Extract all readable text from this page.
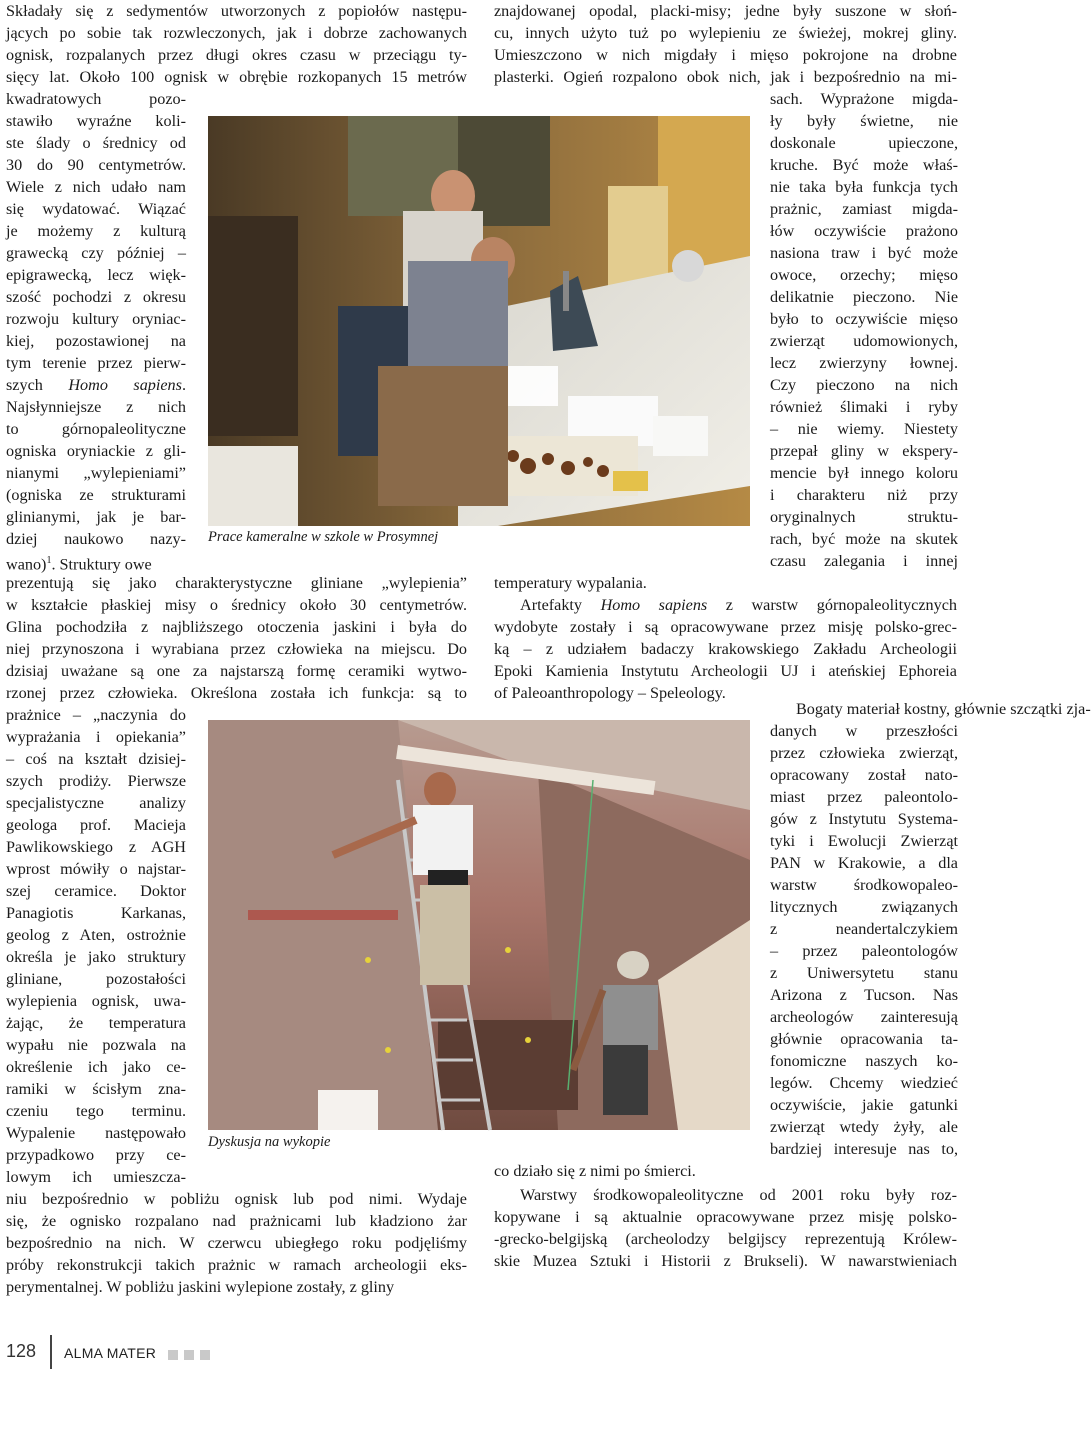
Składały się z sedymentów utworzonych z popiołów następu-
jących po sobie tak rozwleczonych, jak i dobrze zachowanych
ognisk, rozpalanych przez długi okres czasu w przeciągu ty-
sięcy lat. Około 100 ognisk w obrębie rozkopanych 15 metrów
kwadratowych pozo-
stawiło wyraźne koli-
ste ślady o średnicy od
30 do 90 centymetrów.
Wiele z nich udało nam
się wydatować. Wiązać
je możemy z kulturą
grawecką czy później –
epigrawecką, lecz więk-
szość pochodzi z okresu
rozwoju kultury oryniac-
kiej, pozostawionej na
tym terenie przez pierw-
szych Homo sapiens.
Najsłynniejsze z nich
to górnopaleolityczne
ogniska oryniackie z gli-
nianymi „wylepieniami”
(ogniska ze strukturami
glinianymi, jak je bar-
dziej naukowo nazy-
wano)$^1$. Struktury owe
prezentują się jako charakterystyczne gliniane „wylepienia”
w kształcie płaskiej misy o średnicy około 30 centymetrów.
Glina pochodziła z najbliższego otoczenia jaskini i była do
niej przynoszona i wyrabiana przez człowieka na miejscu. Do
dzisiaj uważane są one za najstarszą formę ceramiki wytwo-
rzonej przez człowieka. Określona została ich funkcja: są to
prażnice – „naczynia do
wyprażania i opiekania”
– coś na kształt dzisiej-
szych prodiży. Pierwsze
specjalistyczne analizy
geologa prof. Macieja
Pawlikowskiego z AGH
wprost mówiły o najstar-
szej ceramice. Doktor
Panagiotis Karkanas,
geolog z Aten, ostrożnie
określa je jako struktury
gliniane, pozostałości
wylepienia ognisk, uwa-
żając, że temperatura
wypału nie pozwala na
określenie ich jako ce-
ramiki w ścisłym zna-
czeniu tego terminu.
Wypalenie następowało
przypadkowo przy ce-
lowym ich umieszcza-
niu bezpośrednio w pobliżu ognisk lub pod nimi. Wydaje
się, że ognisko rozpalano nad prażnicami lub kładziono żar
bezpośrednio na nich. W czerwcu ubiegłego roku podjęliśmy
próby rekonstrukcji takich prażnic w ramach archeologii eks-
perymentalnej. W pobliżu jaskini wylepione zostały, z gliny
znajdowanej opodal, placki-misy; jedne były suszone w słoń-
cu, innych użyto tuż po wylepieniu ze świeżej, mokrej gliny.
Umieszczono w nich migdały i mięso pokrojone na drobne
plasterki. Ogień rozpalono obok nich, jak i bezpośrednio na mi-
sach. Wyprażone migda-
ły były świetne, nie
doskonale upieczone,
kruche. Być może właś-
nie taka była funkcja tych
prażnic, zamiast migda-
łów oczywiście prażono
nasiona traw i być może
owoce, orzechy; mięso
delikatnie pieczono. Nie
było to oczywiście mięso
zwierząt udomowionych,
lecz zwierzyny łownej.
Czy pieczono na nich
również ślimaki i ryby
– nie wiemy. Niestety
przepał gliny w ekspery-
mencie był innego koloru
i charakteru niż przy
oryginalnych struktu-
rach, być może na skutek
czasu zalegania i innej
temperatury wypalania.
Artefakty Homo sapiens z warstw górnopaleolitycznych
wydobyte zostały i są opracowywane przez misję polsko-grec-
ką – z udziałem badaczy krakowskiego Zakładu Archeologii
Epoki Kamienia Instytutu Archeologii UJ i ateńskiej Ephoreia
of Paleoanthropology – Speleology.
Bogaty materiał kostny, głównie szczątki zja-
danych w przeszłości
przez człowieka zwierząt,
opracowany został nato-
miast przez paleontolo-
gów z Instytutu Systema-
tyki i Ewolucji Zwierząt
PAN w Krakowie, a dla
warstw środkowopaleo-
litycznych związanych
z neandertalczykiem
– przez paleontologów
z Uniwersytetu stanu
Arizona z Tucson. Nas
archeologów zainteresują
głównie opracowania ta-
fonomiczne naszych ko-
legów. Chcemy wiedzieć
oczywiście, jakie gatunki
zwierząt wtedy żyły, ale
bardziej interesuje nas to,
co działo się z nimi po śmierci.
Warstwy środkowopaleolityczne od 2001 roku były roz-
kopywane i są aktualnie opracowywane przez misję polsko-
-grecko-belgijską (archeolodzy belgijscy reprezentują Królew-
skie Muzea Sztuki i Historii z Brukseli). W nawarstwieniach
Prace kameralne w szkole w Prosymnej
Dyskusja na wykopie
128 ALMA MATER
